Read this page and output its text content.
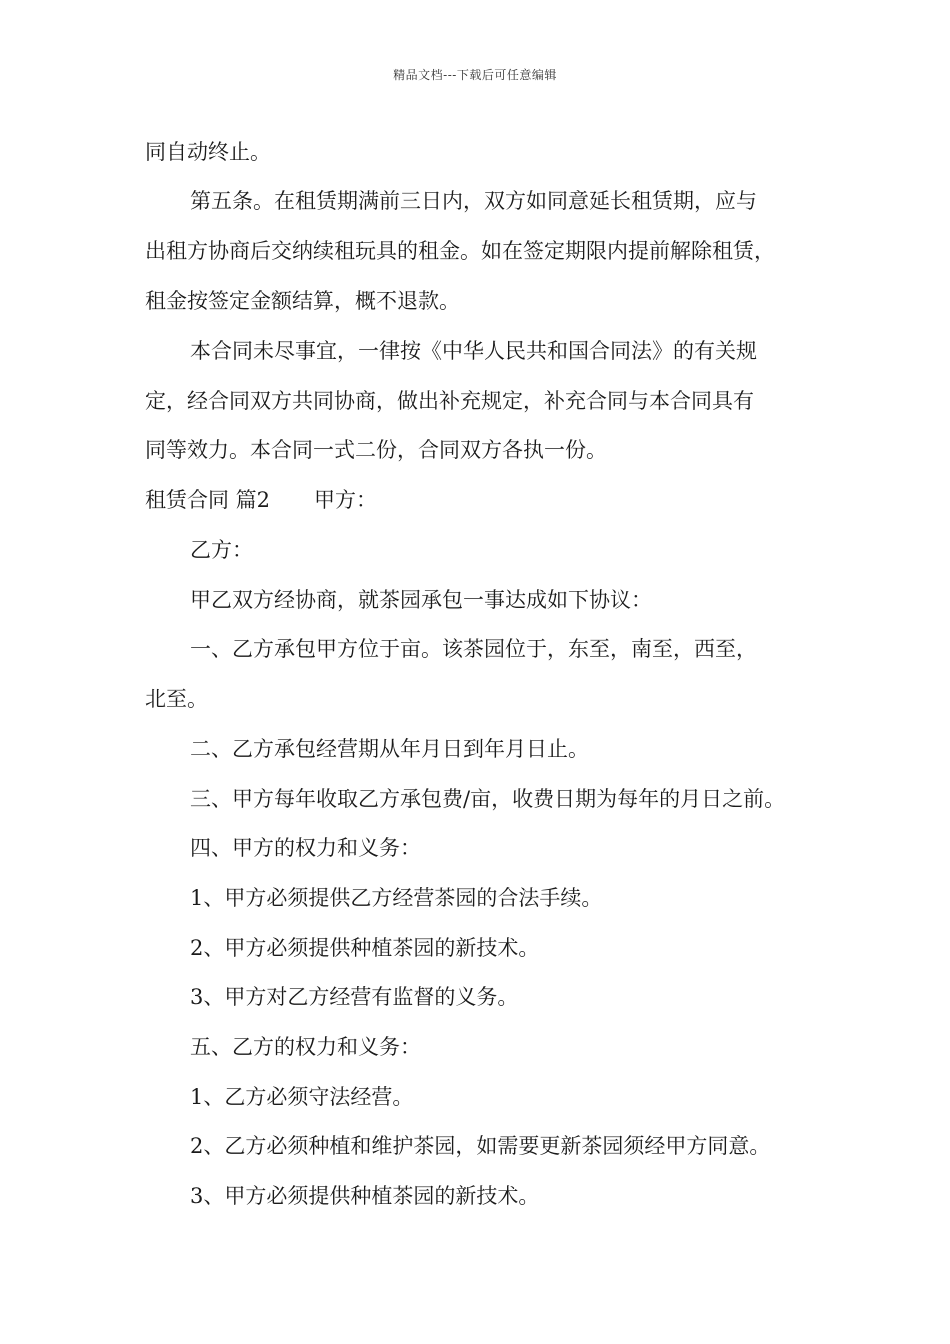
精品文档---下载后可任意编辑
同自动终止。
第五条。在租赁期满前三日内，双方如同意延长租赁期，应与
出租方协商后交纳续租玩具的租金。如在签定期限内提前解除租赁，
租金按签定金额结算，概不退款。
本合同未尽事宜，一律按《中华人民共和国合同法》的有关规
定，经合同双方共同协商，做出补充规定，补充合同与本合同具有
同等效力。本合同一式二份，合同双方各执一份。
租赁合同 篇2 甲方：
乙方：
甲乙双方经协商，就茶园承包一事达成如下协议：
一、乙方承包甲方位于亩。该茶园位于，东至，南至，西至，
北至。
二、乙方承包经营期从年月日到年月日止。
三、甲方每年收取乙方承包费/亩，收费日期为每年的月日之前。
四、甲方的权力和义务：
1、甲方必须提供乙方经营茶园的合法手续。
2、甲方必须提供种植茶园的新技术。
3、甲方对乙方经营有监督的义务。
五、乙方的权力和义务：
1、乙方必须守法经营。
2、乙方必须种植和维护茶园，如需要更新茶园须经甲方同意。
3、甲方必须提供种植茶园的新技术。
